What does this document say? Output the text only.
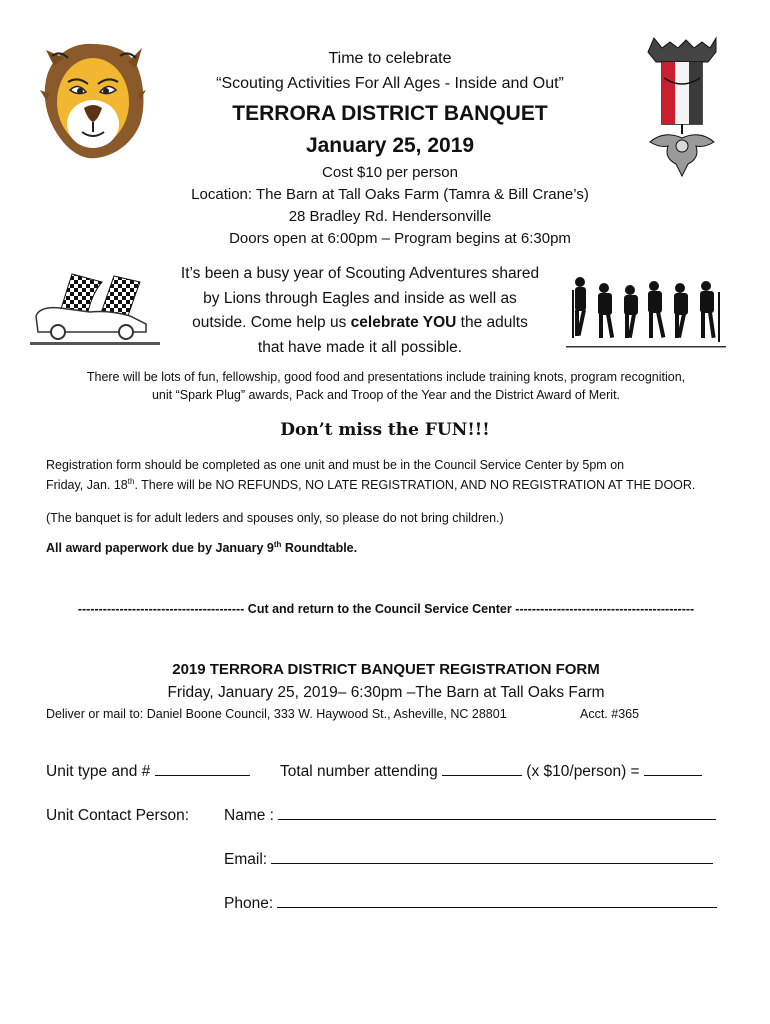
Time to celebrate
“Scouting Activities For All Ages - Inside and Out”
TERRORA DISTRICT BANQUET
January 25, 2019
Cost $10 per person
Location: The Barn at Tall Oaks Farm (Tamra & Bill Crane’s)
28 Bradley Rd. Hendersonville
Doors open at 6:00pm – Program begins at 6:30pm
It’s been a busy year of Scouting Adventures shared
by Lions through Eagles and inside as well as
outside. Come help us celebrate YOU the adults
that have made it all possible.
There will be lots of fun, fellowship, good food and presentations include training knots, program recognition,
unit “Spark Plug” awards, Pack and Troop of the Year and the District Award of Merit.
Don’t miss the FUN!!!
Registration form should be completed as one unit and must be in the Council Service Center by 5pm on
Friday, Jan. 18th. There will be NO REFUNDS, NO LATE REGISTRATION, AND NO REGISTRATION AT THE DOOR.
(The banquet is for adult leders and spouses only, so please do not bring children.)
All award paperwork due by January 9th Roundtable.
---------------------------------------- Cut and return to the Council Service Center -------------------------------------------
2019 TERRORA DISTRICT BANQUET REGISTRATION FORM
Friday, January 25, 2019– 6:30pm –The Barn at Tall Oaks Farm
Deliver or mail to: Daniel Boone Council, 333 W. Haywood St., Asheville, NC 28801	Acct. #365
Unit type and #	Total number attending	(x $10/person) =
Unit Contact Person: Name :
Email:
Phone:
